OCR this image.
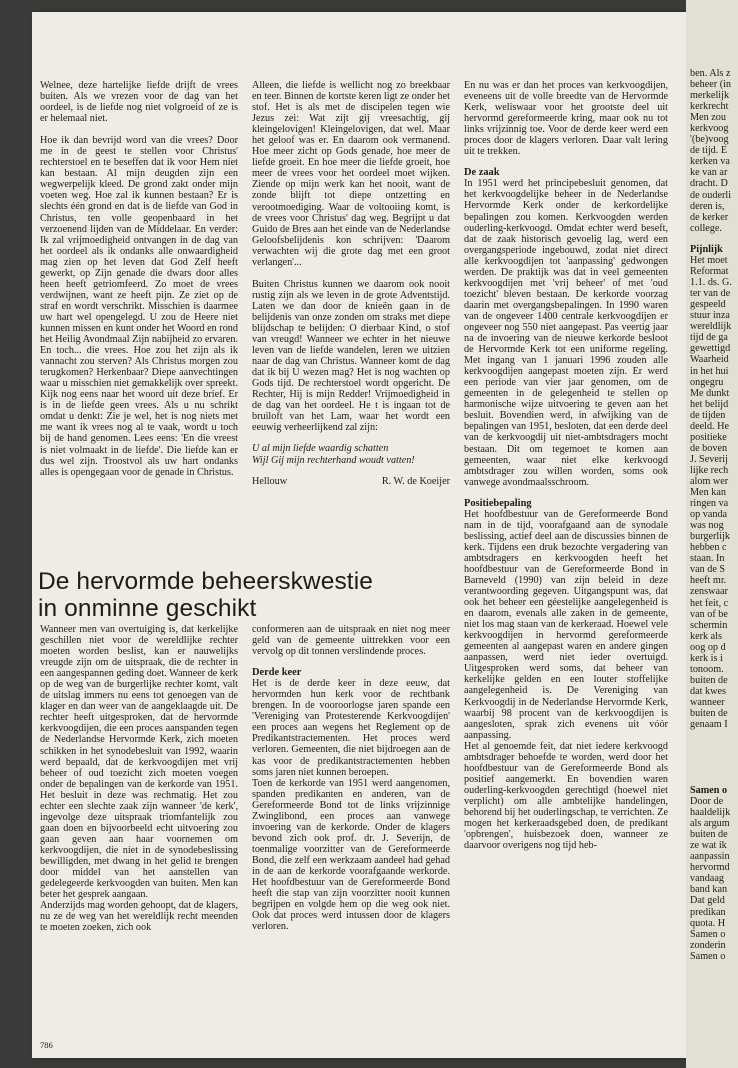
Welnee, deze hartelijke liefde drijft de vrees buiten. Als we vrezen voor de dag van het oordeel, is de liefde nog niet volgroeid of ze is er helemaal niet.

Hoe ik dan bevrijd word van die vrees? Door me in de geest te stellen voor Christus' rechterstoel en te beseffen dat ik voor Hem niet kan bestaan. Al mijn deugden zijn een wegwerpelijk kleed. De grond zakt onder mijn voeten weg. Hoe zal ik kunnen bestaan? Er is slechts één grond en dat is de liefde van God in Christus, ten volle geopenbaard in het verzoenend lijden van de Middelaar. En verder: Ik zal vrijmoedigheid ontvangen in de dag van het oordeel als ik ondanks alle onwaardigheid mag zien op het leven dat God Zelf heeft gewerkt, op Zijn genade die dwars door alles heen heeft getriomfeerd. Zo moet de vrees verdwijnen, want ze heeft pijn. Ze ziet op de straf en wordt verschrikt. Misschien is daarmee uw hart wel opengelegd. U zou de Heere niet kunnen missen en kunt onder het Woord en rond het Heilig Avondmaal Zijn nabijheid zo ervaren. En toch... die vrees. Hoe zou het zijn als ik vannacht zou sterven? Als Christus morgen zou terugkomen? Herkenbaar? Diepe aanvechtingen waar u misschien niet gemakkelijk over spreekt. Kijk nog eens naar het woord uit deze brief. Er is in de liefde geen vrees. Als u nu schrikt omdat u denkt: Zie je wel, het is nog niets met me want ik vrees nog al te vaak, wordt u toch bij de hand genomen. Lees eens: 'En die vreest is niet volmaakt in de liefde'. Die liefde kan er dus wel zijn. Troostvol als uw hart ondanks alles is opengegaan voor de genade in Christus.

Alleen, die liefde is wellicht nog zo breekbaar en teer. Binnen de kortste keren ligt ze onder het stof. Het is als met de discipelen tegen wie Jezus zei: Wat zijt gij vreesachtig, gij kleingelovigen! Kleingelovigen, dat wel. Maar het geloof was er. En daarom ook vermanend. Hoe meer zicht op Gods genade, hoe meer de liefde groeit. En hoe meer die liefde groeit, hoe meer de vrees voor het oordeel moet wijken. Ziende op mijn werk kan het nooit, want de zonde blijft tot diepe ontzetting en verootmoediging. Waar de voltooiing komt, is de vrees voor Christus' dag weg. Begrijpt u dat Guido de Bres aan het einde van de Nederlandse Geloofsbelijdenis kon schrijven: 'Daarom verwachten wij die grote dag met een groot verlangen'...

Buiten Christus kunnen we daarom ook nooit rustig zijn als we leven in de grote Adventstijd. Laten we dan door de knieën gaan in de belijdenis van onze zonden om straks met diepe blijdschap te belijden: O dierbaar Kind, o stof van vreugd! Wanneer we echter in het nieuwe leven van de liefde wandelen, leren we uitzien naar de dag van Christus. Wanneer komt de dag dat ik bij U wezen mag? Het is nog wachten op Gods tijd. De rechterstoel wordt opgericht. De Rechter, Hij is mijn Redder! Vrijmoedigheid in de dag van het oordeel. He t is ingaan tot de bruiloft van het Lam, waar het wordt een eeuwig verheerlijkend zal zijn:

U al mijn liefde waardig schatten
Wijl Gij mijn rechterhand woudt vatten!
Hellouw	R. W. de Koeijer
De hervormde beheerskwestie
in onminne geschikt

Wanneer men van overtuiging is, dat kerkelijke geschillen niet voor de wereldlijke rechter moeten worden beslist, kan er nauwelijks vreugde zijn om de uitspraak, die de rechter in een aangespannen geding doet. Wanneer de kerk op de weg van de burgerlijke rechter komt, valt de uitslag immers nu eens tot genoegen van de klager en dan weer van de aangeklaagde uit. De rechter heeft uitgesproken, dat de hervormde kerkvoogdijen, die een proces aanspanden tegen de Nederlandse Hervormde Kerk, zich moeten schikken in het synodebesluit van 1992, waarin werd bepaald, dat de kerkvoogdijen met vrij beheer of oud toezicht zich moeten voegen onder de bepalingen van de kerkorde van 1951. Het besluit in deze was rechmatig. Het zou echter een slechte zaak zijn wanneer 'de kerk', ingevolge deze uitspraak triomfantelijk zou gaan doen en bijvoorbeeld echt uitvoering zou gaan geven aan haar voornemen om kerkvoogdijen, die niet in de synodebeslissing bewilligden, met dwang in het gelid te brengen door middel van het aanstellen van gedelegeerde kerkvoogden van buiten. Men kan beter het gesprek aangaan.

Anderzijds mag worden gehoopt, dat de klagers, nu ze de weg van het wereldlijk recht meenden te moeten zoeken, zich ook

conformeren aan de uitspraak en niet nog meer geld van de gemeente uittrekken voor een vervolg op dit tonnen verslindende proces.

Derde keer

Het is de derde keer in deze eeuw, dat hervormden hun kerk voor de rechtbank brengen. In de vooroorlogse jaren spande een 'Vereniging van Protesterende Kerkvoogdijen' een proces aan wegens het Reglement op de Predikantstractementen. Het proces werd verloren. Gemeenten, die niet bijdroegen aan de kas voor de predikantstractementen hebben soms jaren niet kunnen beroepen.

Toen de kerkorde van 1951 werd aangenomen, spanden predikanten en anderen, van de Gereformeerde Bond tot de links vrijzinnige Zwinglibond, een proces aan vanwege invoering van de kerkorde. Onder de klagers bevond zich ook prof. dr. J. Severijn, de toenmalige voorzitter van de Gereformeerde Bond, die zelf een werkzaam aandeel had gehad in de aan de kerkorde voorafgaande werkorde. Het hoofdbestuur van de Gereformeerde Bond heeft die stap van zijn voorzitter nooit kunnen begrijpen en volgde hem op die weg ook niet. Ook dat proces werd intussen door de klagers verloren.

En nu was er dan het proces van kerkvoogdijen, eveneens uit de volle breedte van de Hervormde Kerk, weliswaar voor het grootste deel uit hervormd gereformeerde kring, maar ook nu tot links vrijzinnig toe. Voor de derde keer werd een proces door de klagers verloren. Daar valt lering uit te trekken.

De zaak

In 1951 werd het principebesluit genomen, dat het kerkvoogdelijke beheer in de Nederlandse Hervormde Kerk onder de kerkordelijke bepalingen zou komen. Kerkvoogden werden ouderling-kerkvoogd. Omdat echter werd beseft, dat de zaak historisch gevoelig lag, werd een overgangsperiode ingebouwd, zodat niet direct alle kerkvoogdijen tot 'aanpassing' gedwongen werden. De praktijk was dat in veel gemeenten kerkvoogdijen met 'vrij beheer' of met 'oud toezicht' bleven bestaan. De kerkorde voorzag daarin met overgangsbepalingen. In 1990 waren van de ongeveer 1400 centrale kerkvoogdijen er ongeveer nog 550 niet aangepast. Pas veertig jaar na de invoering van de nieuwe kerkorde besloot de Hervormde Kerk tot een uniforme regeling. Met ingang van 1 januari 1996 zouden alle kerkvoogdijen aangepast moeten zijn. Er werd een periode van vier jaar genomen, om de gemeenten in de gelegenheid te stellen op harmonische wijze uitvoering te geven aan het besluit. Bovendien werd, in afwijking van de bepalingen van 1951, besloten, dat een derde deel van de kerkvoogdij uit niet-ambtsdragers mocht bestaan. Dit om tegemoet te komen aan gemeenten, waar niet elke kerkvoogd ambtsdrager zou willen worden, soms ook vanwege avondmaalsschroom.

Positiebepaling

Het hoofdbestuur van de Gereformeerde Bond nam in de tijd, voorafgaand aan de synodale beslissing, actief deel aan de discussies binnen de kerk. Tijdens een druk bezochte vergadering van ambtsdragers en kerkvoogden heeft het hoofdbestuur van de Gereformeerde Bond in Barneveld (1990) van zijn beleid in deze verantwoording gegeven. Uitgangspunt was, dat ook het beheer een géestelijke aangelegenheid is en daarom, evenals alle zaken in de gemeente, niet los mag staan van de kerkeraad. Hoewel vele kerkvoogdijen in hervormd gereformeerde gemeenten al aangepast waren en andere gingen aanpassen, werd niet ieder overtuigd. Uitgesproken werd soms, dat beheer van kerkelijke gelden en een louter stoffelijke aangelegenheid is. De Vereniging van Kerkvoogdij in de Nederlandse Hervormde Kerk, waarbij 98 procent van de kerkvoogdijen is aangesloten, sprak zich evenens uit vóór aanpassing.

Het al genoemde feit, dat niet iedere kerkvoogd ambtsdrager behoefde te worden, werd door het hoofdbestuur van de Gereformeerde Bond als positief aangemerkt. En bovendien waren ouderling-kerkvoogden gerechtigd (hoewel niet verplicht) om alle ambtelijke handelingen, behorend bij het ouderlingschap, te verrichten. Ze mogen het kerkeraadsgebed doen, de predikant 'opbrengen', huisbezoek doen, wanneer ze daarvoor overigens nog tijd heb-

786
ben. Als z
beheer (in
merkelijk
kerkrecht
Men zou
kerkvoog
'(be)voog
de tijd. E
kerken va
ke van ar
dracht. D
de ouderli
deren is,
de kerker
college.
Pijnlijk
Het moet
Reformat
1.1. ds. G.
ter van de
gespeeld
stuur inza
wereldlijk
tijd de ga
gewettigd
Waarheid
in het hui
ongegru
Me dunkt
het belijd
de tijden
deeld. He
positieke
de boven
J. Severij
lijke rech
alom wer
Men kan
ringen va
op vanda
was nog
burgerlijk
hebben c
staan. In
van de S
heeft mr.
zenswaar
het feit, c
van of be
schermin
kerk als
oog op d
kerk is i
tonoom.
buiten de
dat kwes
wanneer
buiten de
genaam I
Samen o
Door de
haaldelijk
als argum
buiten de
ze wat ik
aanpassin
hervormd
vandaag
band kan
Dat geld
predikan
quota. H
Samen o
zonderin
Samen o
